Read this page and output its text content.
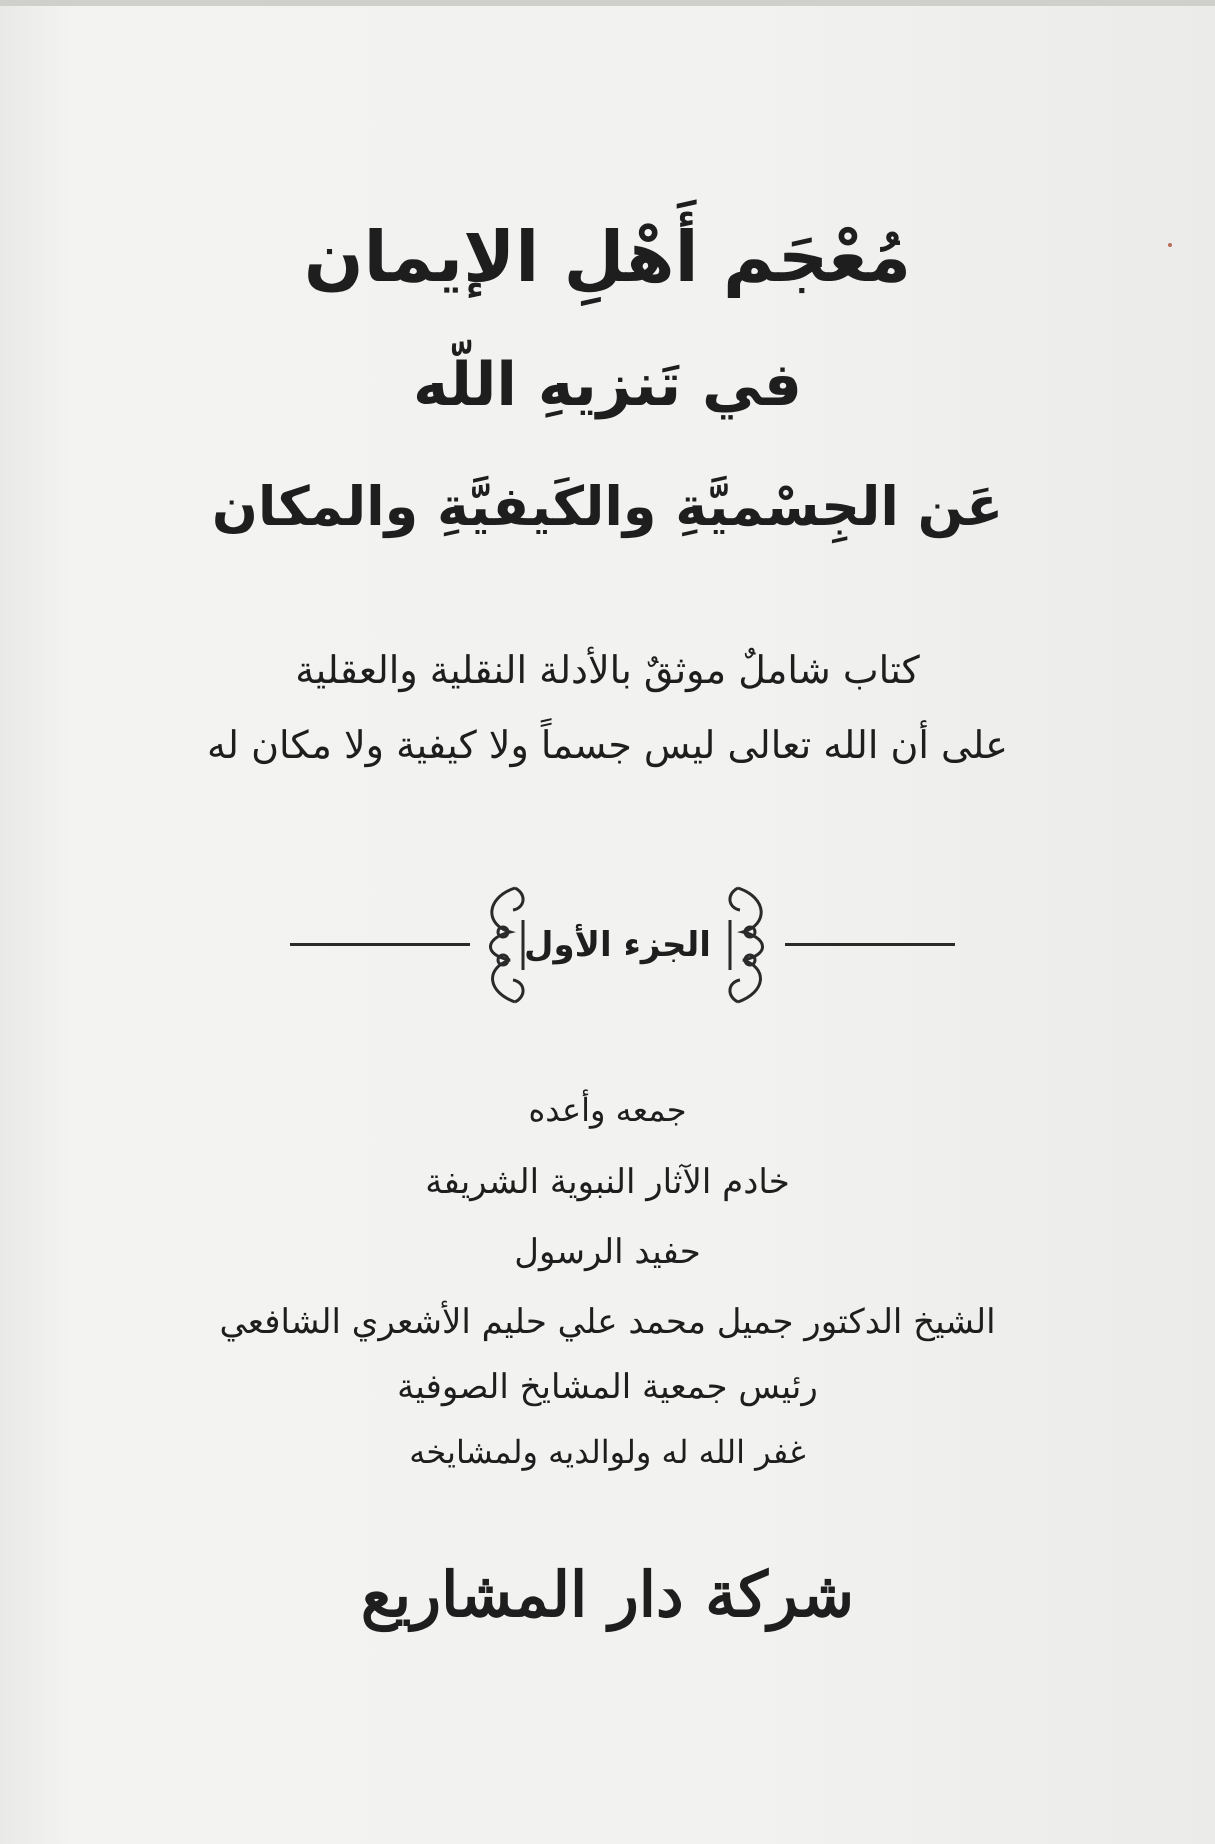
مُعْجَم أَهْلِ الإيمان
في تَنزيهِ اللّه
عَن الجِسْميَّةِ والكَيفيَّةِ والمكان
كتاب شاملٌ موثقٌ بالأدلة النقلية والعقلية
على أن الله تعالى ليس جسماً ولا كيفية ولا مكان له
الجزء الأول
جمعه وأعده
خادم الآثار النبوية الشريفة
حفيد الرسول
الشيخ الدكتور جميل محمد علي حليم الأشعري الشافعي
رئيس جمعية المشايخ الصوفية
غفر الله له ولوالديه ولمشايخه
شركة دار المشاريع
